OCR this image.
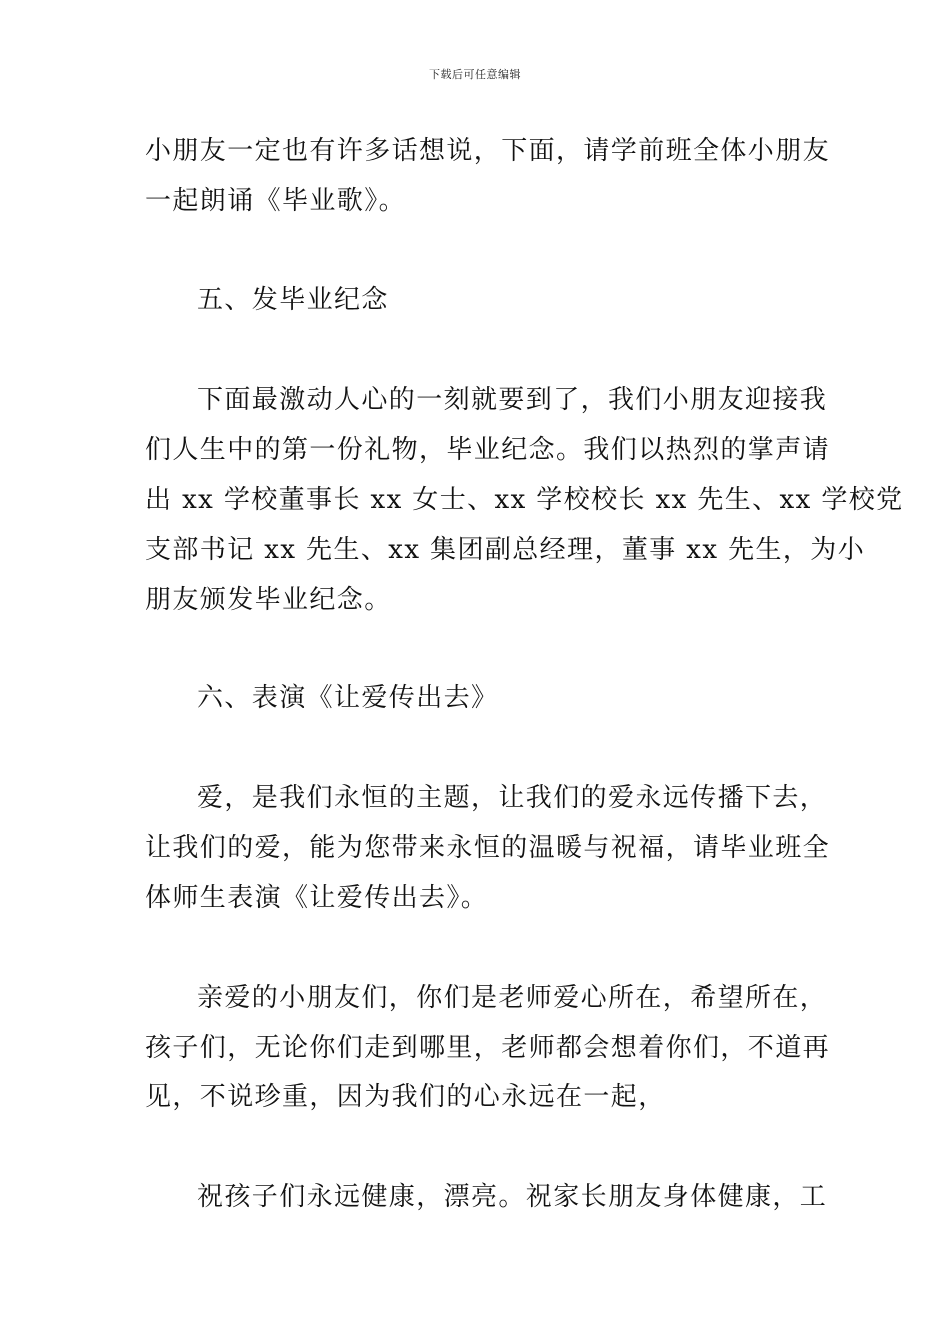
下载后可任意编辑
小朋友一定也有许多话想说，下面，请学前班全体小朋友
一起朗诵《毕业歌》。
五、发毕业纪念
下面最激动人心的一刻就要到了，我们小朋友迎接我
们人生中的第一份礼物，毕业纪念。我们以热烈的掌声请
出 xx 学校董事长 xx 女士、xx 学校校长 xx 先生、xx 学校党
支部书记 xx 先生、xx 集团副总经理，董事 xx 先生，为小
朋友颁发毕业纪念。
六、表演《让爱传出去》
爱，是我们永恒的主题，让我们的爱永远传播下去，
让我们的爱，能为您带来永恒的温暖与祝福，请毕业班全
体师生表演《让爱传出去》。
亲爱的小朋友们，你们是老师爱心所在，希望所在，
孩子们，无论你们走到哪里，老师都会想着你们，不道再
见，不说珍重，因为我们的心永远在一起，
祝孩子们永远健康，漂亮。祝家长朋友身体健康，工
